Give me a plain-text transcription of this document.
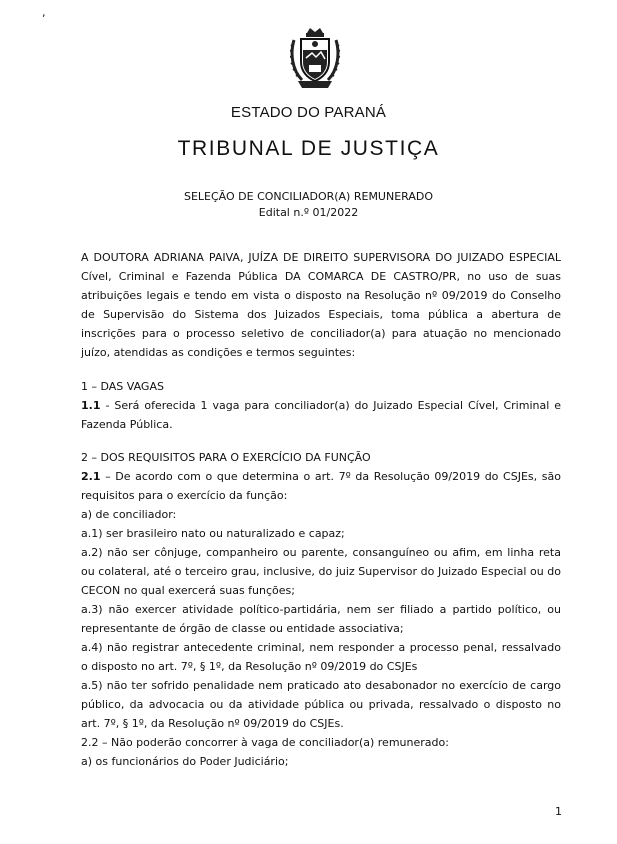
,
ESTADO DO PARANÁ
TRIBUNAL DE JUSTIÇA
SELEÇÃO DE CONCILIADOR(A) REMUNERADO
Edital n.º 01/2022

A DOUTORA ADRIANA PAIVA, JUÍZA DE DIREITO SUPERVISORA DO JUIZADO ESPECIAL Cível, Criminal e Fazenda Pública DA COMARCA DE CASTRO/PR, no uso de suas atribuições legais e tendo em vista o disposto na Resolução nº 09/2019 do Conselho de Supervisão do Sistema dos Juizados Especiais, toma pública a abertura de inscrições para o processo seletivo de conciliador(a) para atuação no mencionado juízo, atendidas as condições e termos seguintes:

1 – DAS VAGAS

1.1 - Será oferecida 1 vaga para conciliador(a) do Juizado Especial Cível, Criminal e Fazenda Pública.

2 – DOS REQUISITOS PARA O EXERCÍCIO DA FUNÇÃO

2.1 – De acordo com o que determina o art. 7º da Resolução 09/2019 do CSJEs, são requisitos para o exercício da função:

a) de conciliador:

a.1) ser brasileiro nato ou naturalizado e capaz;

a.2) não ser cônjuge, companheiro ou parente, consanguíneo ou afim, em linha reta ou colateral, até o terceiro grau, inclusive, do juiz Supervisor do Juizado Especial ou do CECON no qual exercerá suas funções;

a.3) não exercer atividade político-partidária, nem ser filiado a partido político, ou representante de órgão de classe ou entidade associativa;

a.4) não registrar antecedente criminal, nem responder a processo penal, ressalvado o disposto no art. 7º, § 1º, da Resolução nº 09/2019 do CSJEs

a.5) não ter sofrido penalidade nem praticado ato desabonador no exercício de cargo público, da advocacia ou da atividade pública ou privada, ressalvado o disposto no art. 7º, § 1º, da Resolução nº 09/2019 do CSJEs.

2.2 – Não poderão concorrer à vaga de conciliador(a) remunerado:

a) os funcionários do Poder Judiciário;

1
